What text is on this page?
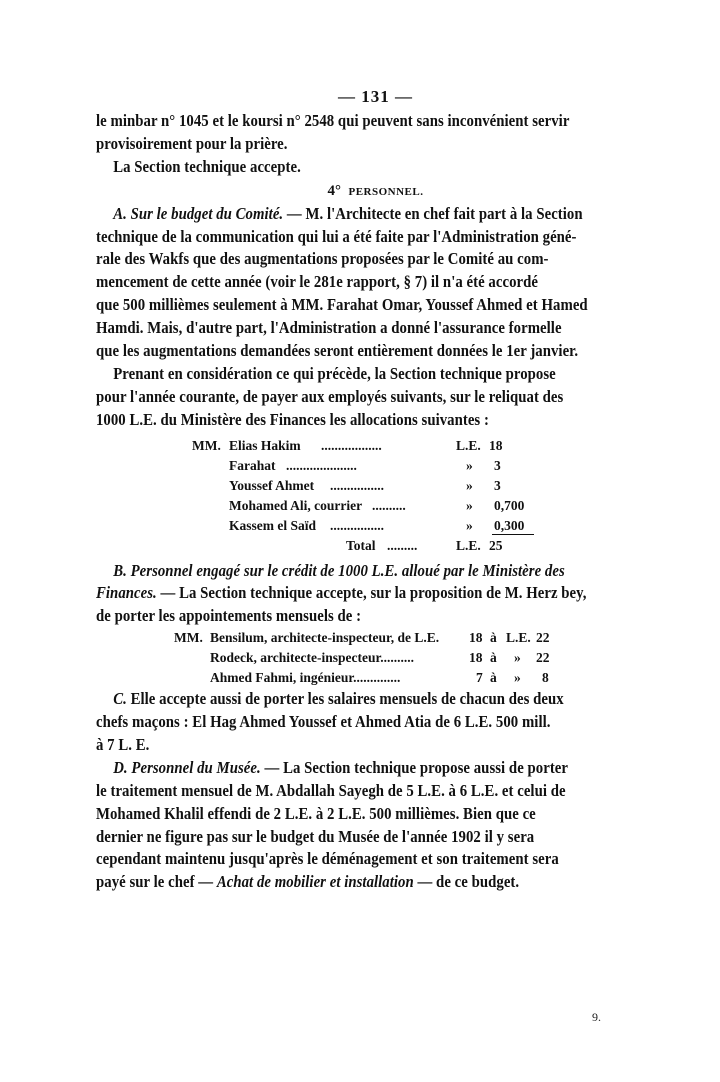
— 131 —
le minbar n° 1045 et le koursi n° 2548 qui peuvent sans inconvénient servir
provisoirement pour la prière.
La Section technique accepte.
4° PERSONNEL.
A. Sur le budget du Comité. — M. l'Architecte en chef fait part à la Section
technique de la communication qui lui a été faite par l'Administration géné-
rale des Wakfs que des augmentations proposées par le Comité au com-
mencement de cette année (voir le 281e rapport, § 7) il n'a été accordé
que 500 millièmes seulement à MM. Farahat Omar, Youssef Ahmed et Hamed
Hamdi. Mais, d'autre part, l'Administration a donné l'assurance formelle
que les augmentations demandées seront entièrement données le 1er janvier.
Prenant en considération ce qui précède, la Section technique propose
pour l'année courante, de payer aux employés suivants, sur le reliquat des
1000 L.E. du Ministère des Finances les allocations suivantes :
MM. Elias Hakim ..................	L.E. 18
Farahat .....................	» 3
Youssef Ahmet ................	» 3
Mohamed Ali, courrier ..........	» 0,700
Kassem el Saïd ................	» 0,300
Total .........	L.E. 25
B. Personnel engagé sur le crédit de 1000 L.E. alloué par le Ministère des
Finances. — La Section technique accepte, sur la proposition de M. Herz bey,
de porter les appointements mensuels de :
MM. Bensilum, architecte-inspecteur, de L.E. 18 à L.E. 22
Rodeck, architecte-inspecteur..........	18 à » 22
Ahmed Fahmi, ingénieur..............	7 à » 8
C. Elle accepte aussi de porter les salaires mensuels de chacun des deux
chefs maçons : El Hag Ahmed Youssef et Ahmed Atia de 6 L.E. 500 mill.
à 7 L. E.
D. Personnel du Musée. — La Section technique propose aussi de porter
le traitement mensuel de M. Abdallah Sayegh de 5 L.E. à 6 L.E. et celui de
Mohamed Khalil effendi de 2 L.E. à 2 L.E. 500 millièmes. Bien que ce
dernier ne figure pas sur le budget du Musée de l'année 1902 il y sera
cependant maintenu jusqu'après le déménagement et son traitement sera
payé sur le chef — Achat de mobilier et installation — de ce budget.
9.
